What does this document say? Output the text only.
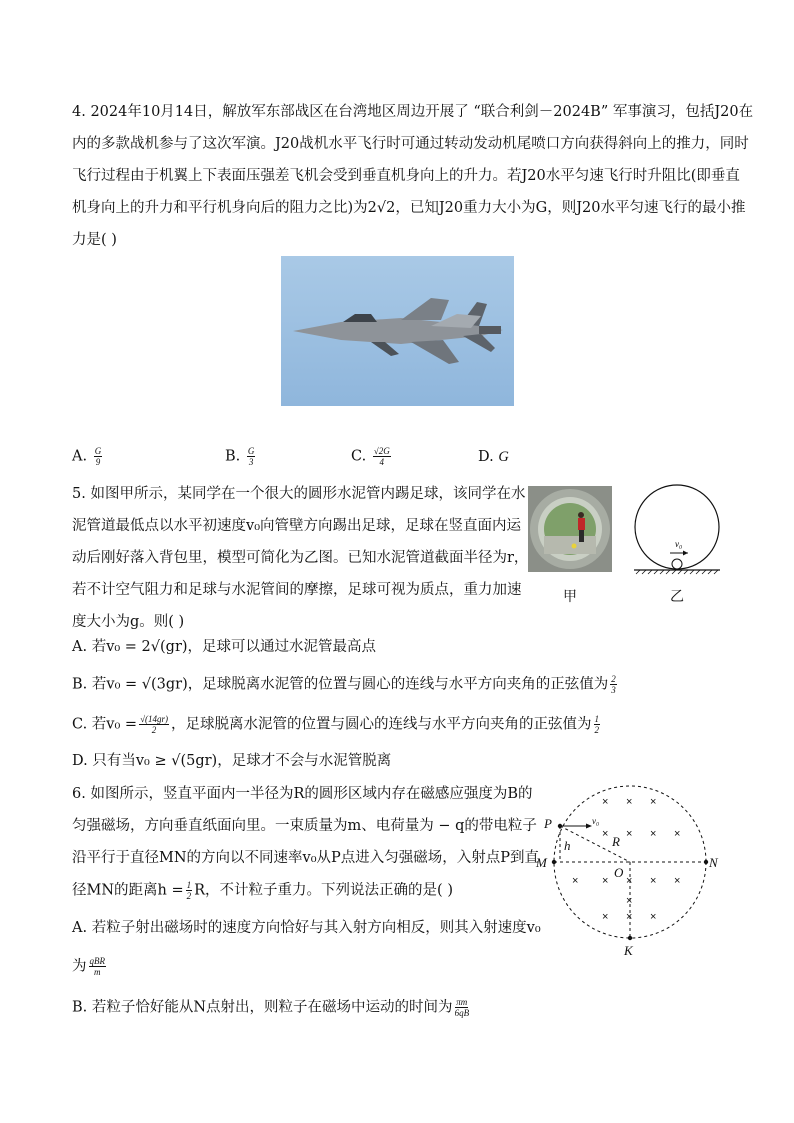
4. 2024年10月14日，解放军东部战区在台湾地区周边开展了 “联合利剑－2024B” 军事演习，包括J20在
内的多款战机参与了这次军演。J20战机水平飞行时可通过转动发动机尾喷口方向获得斜向上的推力，同时
飞行过程由于机翼上下表面压强差飞机会受到垂直机身向上的升力。若J20水平匀速飞行时升阻比(即垂直
机身向上的升力和平行机身向后的阻力之比)为2√2，已知J20重力大小为G，则J20水平匀速飞行的最小推
力是( )
A. $\frac{G}{9}$	B. $\frac{G}{3}$	C. $\frac{√2G}{4}$	D. G
5. 如图甲所示，某同学在一个很大的圆形水泥管内踢足球，该同学在水
泥管道最低点以水平初速度v₀向管壁方向踢出足球，足球在竖直面内运
动后刚好落入背包里，模型可简化为乙图。已知水泥管道截面半径为r，
若不计空气阻力和足球与水泥管间的摩擦，足球可视为质点，重力加速
度大小为g。则( )
甲
v₀
乙
A. 若v₀ = 2√(gr)，足球可以通过水泥管最高点
B. 若v₀ = √(3gr)，足球脱离水泥管的位置与圆心的连线与水平方向夹角的正弦值为 $\frac{2}{3}$
C. 若$v_0 = \frac{√(14gr)}{2}$ ，足球脱离水泥管的位置与圆心的连线与水平方向夹角的正弦值为 $\frac{1}{2}$
D. 只有当v₀ ≥ √(5gr)，足球才不会与水泥管脱离
6. 如图所示，竖直平面内一半径为R的圆形区域内存在磁感应强度为B的
匀强磁场，方向垂直纸面向里。一束质量为m、电荷量为 − q的带电粒子
沿平行于直径MN的方向以不同速率v₀从P点进入匀强磁场，入射点P到直
径MN的距离$h = \frac{1}{2}$ R，不计粒子重力。下列说法正确的是( )
A. 若粒子射出磁场时的速度方向恰好与其入射方向相反，则其入射速度v₀
为 $\frac{\text{qBR}}{m}$
B. 若粒子恰好能从N点射出，则粒子在磁场中运动的时间为 $\frac{\pi m}{6qB}$
× × ×
× × × ×
× × × × ×
× × ×
×
P
M	N
O
K
h	R
v₀
